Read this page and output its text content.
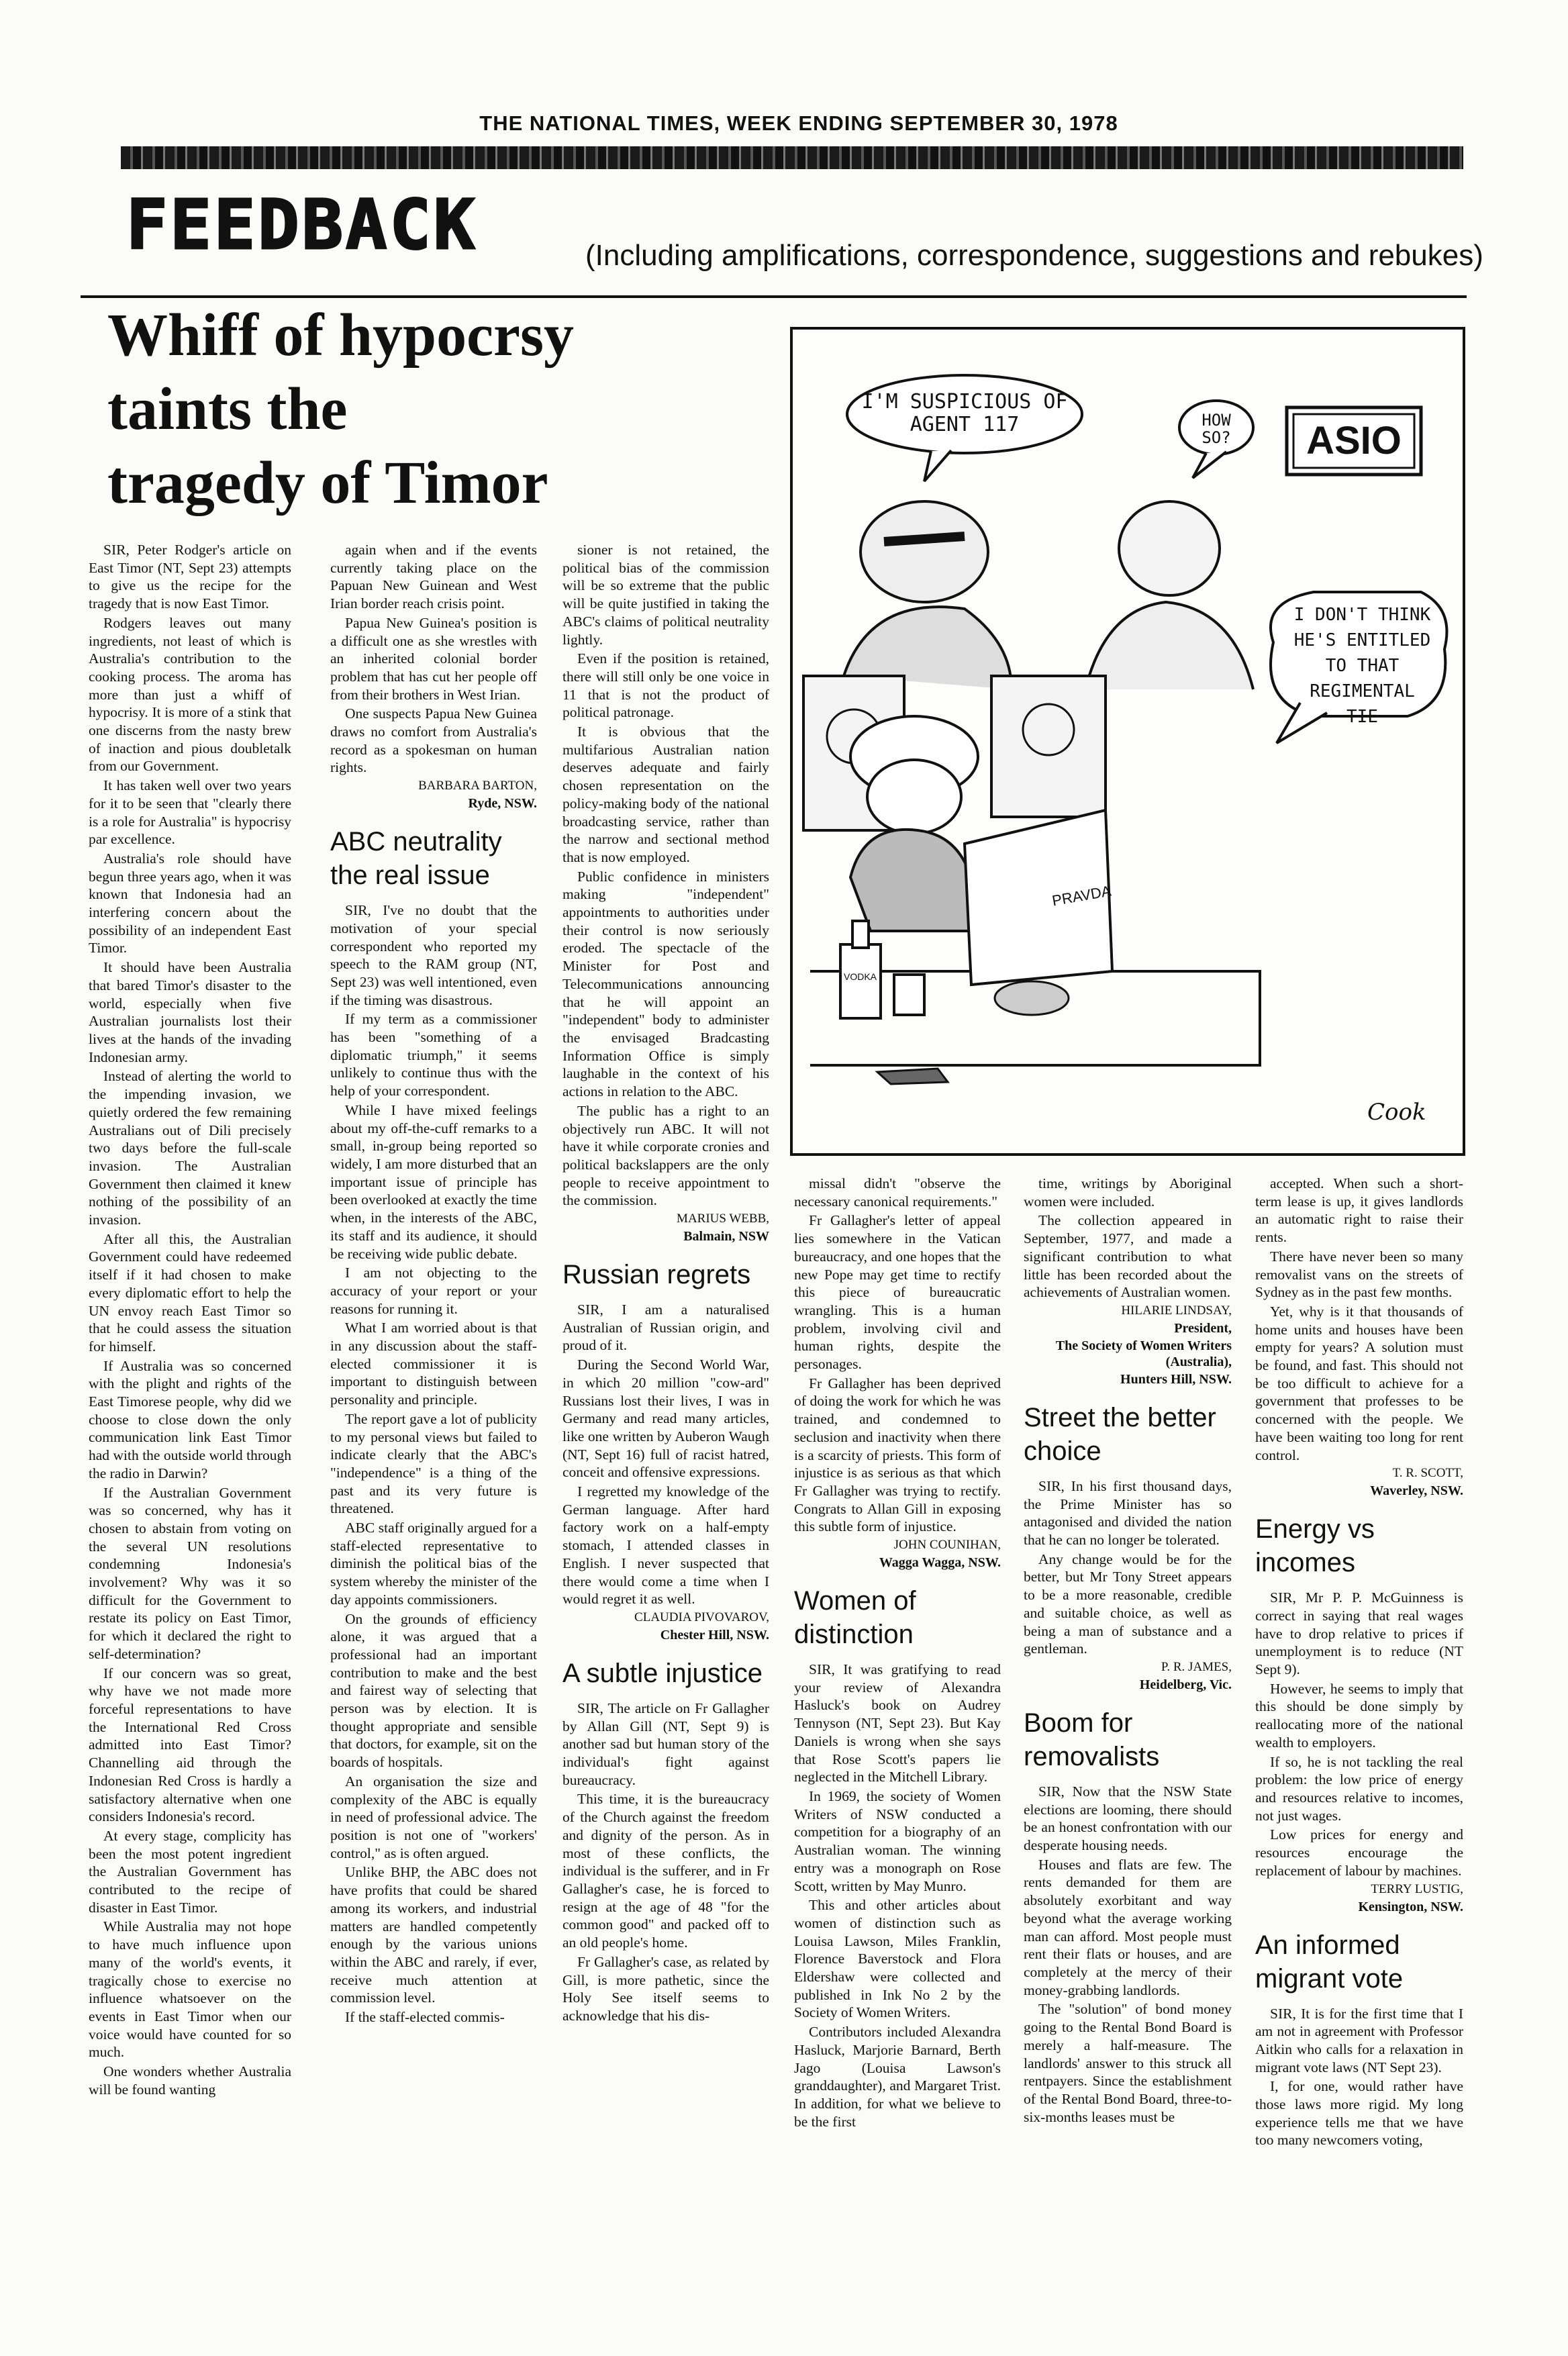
THE NATIONAL TIMES, WEEK ENDING SEPTEMBER 30, 1978
FEEDBACK	(Including amplifications, correspondence, suggestions and rebukes)
Whiff of hypocrsy
taints the
tragedy of Timor

SIR, Peter Rodger's article on East Timor (NT, Sept 23) attempts to give us the recipe for the tragedy that is now East Timor.

Rodgers leaves out many ingredients, not least of which is Australia's contribution to the cooking process. The aroma has more than just a whiff of hypocrisy. It is more of a stink that one discerns from the nasty brew of inaction and pious doubletalk from our Government.

It has taken well over two years for it to be seen that "clearly there is a role for Australia" is hypocrisy par excellence.

Australia's role should have begun three years ago, when it was known that Indonesia had an interfering concern about the possibility of an independent East Timor.

It should have been Australia that bared Timor's disaster to the world, especially when five Australian journalists lost their lives at the hands of the invading Indonesian army.

Instead of alerting the world to the impending invasion, we quietly ordered the few remaining Australians out of Dili precisely two days before the full-scale invasion. The Australian Government then claimed it knew nothing of the possibility of an invasion.

After all this, the Australian Government could have redeemed itself if it had chosen to make every diplomatic effort to help the UN envoy reach East Timor so that he could assess the situation for himself.

If Australia was so concerned with the plight and rights of the East Timorese people, why did we choose to close down the only communication link East Timor had with the outside world through the radio in Darwin?

If the Australian Government was so concerned, why has it chosen to abstain from voting on the several UN resolutions condemning Indonesia's involvement? Why was it so difficult for the Government to restate its policy on East Timor, for which it declared the right to self-determination?

If our concern was so great, why have we not made more forceful representations to have the International Red Cross admitted into East Timor? Channelling aid through the Indonesian Red Cross is hardly a satisfactory alternative when one considers Indonesia's record.

At every stage, complicity has been the most potent ingredient the Australian Government has contributed to the recipe of disaster in East Timor.

While Australia may not hope to have much influence upon many of the world's events, it tragically chose to exercise no influence whatsoever on the events in East Timor when our voice would have counted for so much.

One wonders whether Australia will be found wanting

again when and if the events currently taking place on the Papuan New Guinean and West Irian border reach crisis point.

Papua New Guinea's position is a difficult one as she wrestles with an inherited colonial border problem that has cut her people off from their brothers in West Irian.

One suspects Papua New Guinea draws no comfort from Australia's record as a spokesman on human rights.

BARBARA BARTON,

Ryde, NSW.

ABC neutrality the real issue

SIR, I've no doubt that the motivation of your special correspondent who reported my speech to the RAM group (NT, Sept 23) was well intentioned, even if the timing was disastrous.

If my term as a commissioner has been "something of a diplomatic triumph," it seems unlikely to continue thus with the help of your correspondent.

While I have mixed feelings about my off-the-cuff remarks to a small, in-group being reported so widely, I am more disturbed that an important issue of principle has been overlooked at exactly the time when, in the interests of the ABC, its staff and its audience, it should be receiving wide public debate.

I am not objecting to the accuracy of your report or your reasons for running it.

What I am worried about is that in any discussion about the staff-elected commissioner it is important to distinguish between personality and principle.

The report gave a lot of publicity to my personal views but failed to indicate clearly that the ABC's "independence" is a thing of the past and its very future is threatened.

ABC staff originally argued for a staff-elected representative to diminish the political bias of the system whereby the minister of the day appoints commissioners.

On the grounds of efficiency alone, it was argued that a professional had an important contribution to make and the best and fairest way of selecting that person was by election. It is thought appropriate and sensible that doctors, for example, sit on the boards of hospitals.

An organisation the size and complexity of the ABC is equally in need of professional advice. The position is not one of "workers' control," as is often argued.

Unlike BHP, the ABC does not have profits that could be shared among its workers, and industrial matters are handled competently enough by the various unions within the ABC and rarely, if ever, receive much attention at commission level.

If the staff-elected commis-

sioner is not retained, the political bias of the commission will be so extreme that the public will be quite justified in taking the ABC's claims of political neutrality lightly.

Even if the position is retained, there will still only be one voice in 11 that is not the product of political patronage.

It is obvious that the multifarious Australian nation deserves adequate and fairly chosen representation on the policy-making body of the national broadcasting service, rather than the narrow and sectional method that is now employed.

Public confidence in ministers making "independent" appointments to authorities under their control is now seriously eroded. The spectacle of the Minister for Post and Telecommunications announcing that he will appoint an "independent" body to administer the envisaged Bradcasting Information Office is simply laughable in the context of his actions in relation to the ABC.

The public has a right to an objectively run ABC. It will not have it while corporate cronies and political backslappers are the only people to receive appointment to the commission.

MARIUS WEBB,

Balmain, NSW

Russian regrets

SIR, I am a naturalised Australian of Russian origin, and proud of it.

During the Second World War, in which 20 million "cow-ard" Russians lost their lives, I was in Germany and read many articles, like one written by Auberon Waugh (NT, Sept 16) full of racist hatred, conceit and offensive expressions.

I regretted my knowledge of the German language. After hard factory work on a half-empty stomach, I attended classes in English. I never suspected that there would come a time when I would regret it as well.

CLAUDIA PIVOVAROV,

Chester Hill, NSW.

A subtle injustice

SIR, The article on Fr Gallagher by Allan Gill (NT, Sept 9) is another sad but human story of the individual's fight against bureaucracy.

This time, it is the bureaucracy of the Church against the freedom and dignity of the person. As in most of these conflicts, the individual is the sufferer, and in Fr Gallagher's case, he is forced to resign at the age of 48 "for the common good" and packed off to an old people's home.

Fr Gallagher's case, as related by Gill, is more pathetic, since the Holy See itself seems to acknowledge that his dis-

I'M SUSPICIOUS OF AGENT 117	HOW SO?	ASIO
I DON'T THINK HE'S ENTITLED TO THAT REGIMENTAL TIE
PRAVDA
VODKA
Cook

missal didn't "observe the necessary canonical requirements."

Fr Gallagher's letter of appeal lies somewhere in the Vatican bureaucracy, and one hopes that the new Pope may get time to rectify this piece of bureaucratic wrangling. This is a human problem, involving civil and human rights, despite the personages.

Fr Gallagher has been deprived of doing the work for which he was trained, and condemned to seclusion and inactivity when there is a scarcity of priests. This form of injustice is as serious as that which Fr Gallagher was trying to rectify. Congrats to Allan Gill in exposing this subtle form of injustice.

JOHN COUNIHAN,

Wagga Wagga, NSW.

Women of distinction

SIR, It was gratifying to read your review of Alexandra Hasluck's book on Audrey Tennyson (NT, Sept 23). But Kay Daniels is wrong when she says that Rose Scott's papers lie neglected in the Mitchell Library.

In 1969, the society of Women Writers of NSW conducted a competition for a biography of an Australian woman. The winning entry was a monograph on Rose Scott, written by May Munro.

This and other articles about women of distinction such as Louisa Lawson, Miles Franklin, Florence Baverstock and Flora Eldershaw were collected and published in Ink No 2 by the Society of Women Writers.

Contributors included Alexandra Hasluck, Marjorie Barnard, Berth Jago (Louisa Lawson's granddaughter), and Margaret Trist. In addition, for what we believe to be the first

time, writings by Aboriginal women were included.

The collection appeared in September, 1977, and made a significant contribution to what little has been recorded about the achievements of Australian women.

HILARIE LINDSAY,

President,

The Society of Women Writers (Australia),

Hunters Hill, NSW.

Street the better choice

SIR, In his first thousand days, the Prime Minister has so antagonised and divided the nation that he can no longer be tolerated.

Any change would be for the better, but Mr Tony Street appears to be a more reasonable, credible and suitable choice, as well as being a man of substance and a gentleman.

P. R. JAMES,

Heidelberg, Vic.

Boom for removalists

SIR, Now that the NSW State elections are looming, there should be an honest confrontation with our desperate housing needs.

Houses and flats are few. The rents demanded for them are absolutely exorbitant and way beyond what the average working man can afford. Most people must rent their flats or houses, and are completely at the mercy of their money-grabbing landlords.

The "solution" of bond money going to the Rental Bond Board is merely a half-measure. The landlords' answer to this struck all rentpayers. Since the establishment of the Rental Bond Board, three-to-six-months leases must be

accepted. When such a short-term lease is up, it gives landlords an automatic right to raise their rents.

There have never been so many removalist vans on the streets of Sydney as in the past few months.

Yet, why is it that thousands of home units and houses have been empty for years? A solution must be found, and fast. This should not be too difficult to achieve for a government that professes to be concerned with the people. We have been waiting too long for rent control.

T. R. SCOTT,

Waverley, NSW.

Energy vs incomes

SIR, Mr P. P. McGuinness is correct in saying that real wages have to drop relative to prices if unemployment is to reduce (NT Sept 9).

However, he seems to imply that this should be done simply by reallocating more of the national wealth to employers.

If so, he is not tackling the real problem: the low price of energy and resources relative to incomes, not just wages.

Low prices for energy and resources encourage the replacement of labour by machines.

TERRY LUSTIG,

Kensington, NSW.

An informed migrant vote

SIR, It is for the first time that I am not in agreement with Professor Aitkin who calls for a relaxation in migrant vote laws (NT Sept 23).

I, for one, would rather have those laws more rigid. My long experience tells me that we have too many newcomers voting,
